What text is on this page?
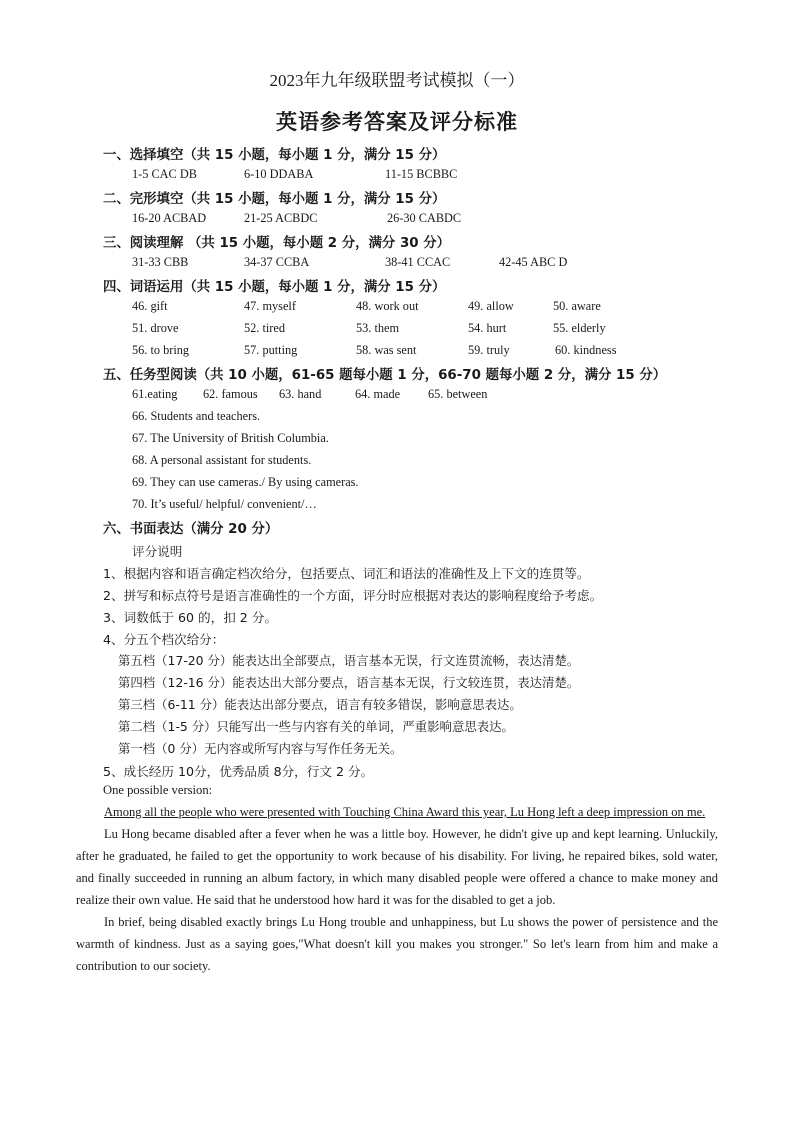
2023年九年级联盟考试模拟（一）
英语参考答案及评分标准
一、选择填空（共 15 小题，每小题 1 分，满分 15 分）
1-5 CAC DB	6-10 DDABA	11-15 BCBBC
二、完形填空（共 15 小题，每小题 1 分，满分 15 分）
16-20 ACBAD	21-25 ACBDC	26-30 CABDC
三、阅读理解 （共 15 小题，每小题 2 分，满分 30 分）
31-33 CBB	34-37 CCBA	38-41 CCAC	42-45 ABC D
四、词语运用（共 15 小题，每小题 1 分，满分 15 分）
46. gift	47. myself	48. work out	49. allow	50. aware
51. drove	52. tired	53. them	54. hurt	55. elderly
56. to bring	57. putting	58. was sent	59. truly	60. kindness
五、任务型阅读（共 10 小题，61-65 题每小题 1 分，66-70 题每小题 2 分，满分 15 分）
61.eating 62. famous 63. hand	64. made 65. between
66. Students and teachers.
67. The University of British Columbia.
68. A personal assistant for students.
69. They can use cameras./ By using cameras.
70. It’s useful/ helpful/ convenient/…
六、书面表达（满分 20 分）
评分说明
1、根据内容和语言确定档次给分，包括要点、词汇和语法的准确性及上下文的连贯等。
2、拼写和标点符号是语言准确性的一个方面，评分时应根据对表达的影响程度给予考虑。
3、词数低于 60 的，扣 2 分。
4、分五个档次给分：
第五档（17-20 分）能表达出全部要点，语言基本无误，行文连贯流畅，表达清楚。
第四档（12-16 分）能表达出大部分要点，语言基本无误，行文较连贯，表达清楚。
第三档（6-11 分）能表达出部分要点，语言有较多错误，影响意思表达。
第二档（1-5 分）只能写出一些与内容有关的单词，严重影响意思表达。
第一档（0 分）无内容或所写内容与写作任务无关。
5、成长经历 10分，优秀品质 8分，行文 2 分。
One possible version:

Among all the people who were presented with Touching China Award this year, Lu Hong left a deep impression on me.

Lu Hong became disabled after a fever when he was a little boy. However, he didn't give up and kept learning. Unluckily, after he graduated, he failed to get the opportunity to work because of his disability. For living, he repaired bikes, sold water, and finally succeeded in running an album factory, in which many disabled people were offered a chance to make money and realize their own value. He said that he understood how hard it was for the disabled to get a job.

In brief, being disabled exactly brings Lu Hong trouble and unhappiness, but Lu shows the power of persistence and the warmth of kindness. Just as a saying goes,"What doesn't kill you makes you stronger." So let's learn from him and make a contribution to our society.
